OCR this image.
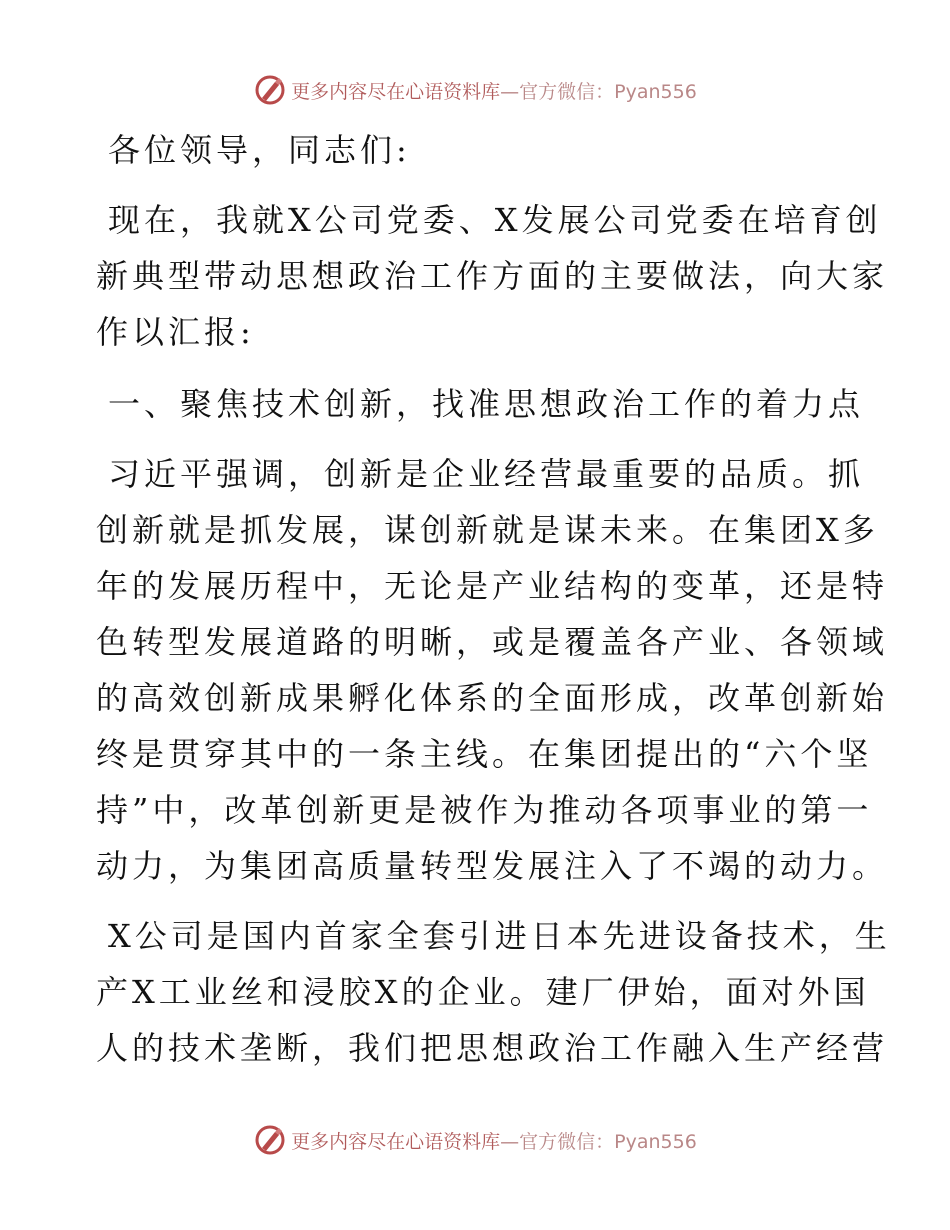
更多内容尽在心语资料库 —官方微信：Pyan556

各位领导，同志们:

现在，我就X公司党委、X发展公司党委在培育创

新典型带动思想政治工作方面的主要做法，向大家

作以汇报:

一、聚焦技术创新，找准思想政治工作的着力点

习近平强调，创新是企业经营最重要的品质。抓

创新就是抓发展，谋创新就是谋未来。在集团X多

年的发展历程中，无论是产业结构的变革，还是特

色转型发展道路的明晰，或是覆盖各产业、各领域

的高效创新成果孵化体系的全面形成，改革创新始

终是贯穿其中的一条主线。在集团提出的“六个坚

持”中，改革创新更是被作为推动各项事业的第一

动力，为集团高质量转型发展注入了不竭的动力。

X公司是国内首家全套引进日本先进设备技术，生

产X工业丝和浸胶X的企业。建厂伊始，面对外国

人的技术垄断，我们把思想政治工作融入生产经营

更多内容尽在心语资料库 —官方微信：Pyan556
